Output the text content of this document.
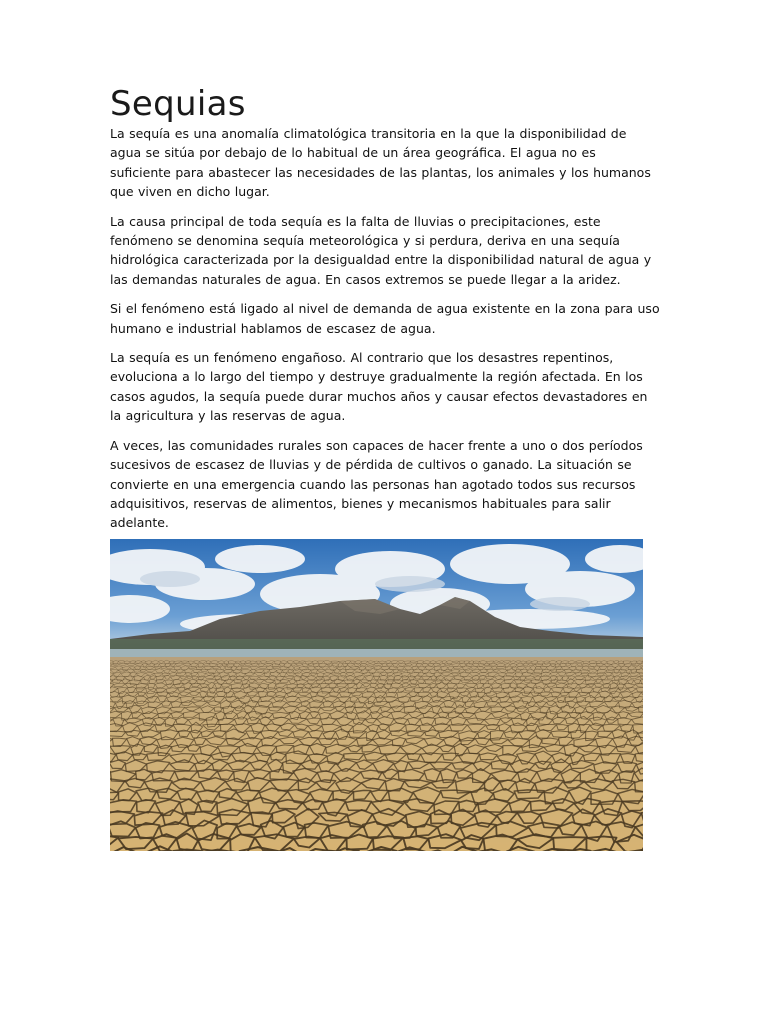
Sequias

La sequía es una anomalía climatológica transitoria en la que la disponibilidad de agua se sitúa por debajo de lo habitual de un área geográfica. El agua no es suficiente para abastecer las necesidades de las plantas, los animales y los humanos que viven en dicho lugar.

La causa principal de toda sequía es la falta de lluvias o precipitaciones, este fenómeno se denomina sequía meteorológica y si perdura, deriva en una sequía hidrológica caracterizada por la desigualdad entre la disponibilidad natural de agua y las demandas naturales de agua. En casos extremos se puede llegar a la aridez.

Si el fenómeno está ligado al nivel de demanda de agua existente en la zona para uso humano e industrial hablamos de escasez de agua.

La sequía es un fenómeno engañoso. Al contrario que los desastres repentinos, evoluciona a lo largo del tiempo y destruye gradualmente la región afectada. En los casos agudos, la sequía puede durar muchos años y causar efectos devastadores en la agricultura y las reservas de agua.

A veces, las comunidades rurales son capaces de hacer frente a uno o dos períodos sucesivos de escasez de lluvias y de pérdida de cultivos o ganado. La situación se convierte en una emergencia cuando las personas han agotado todos sus recursos adquisitivos, reservas de alimentos, bienes y mecanismos habituales para salir adelante.
